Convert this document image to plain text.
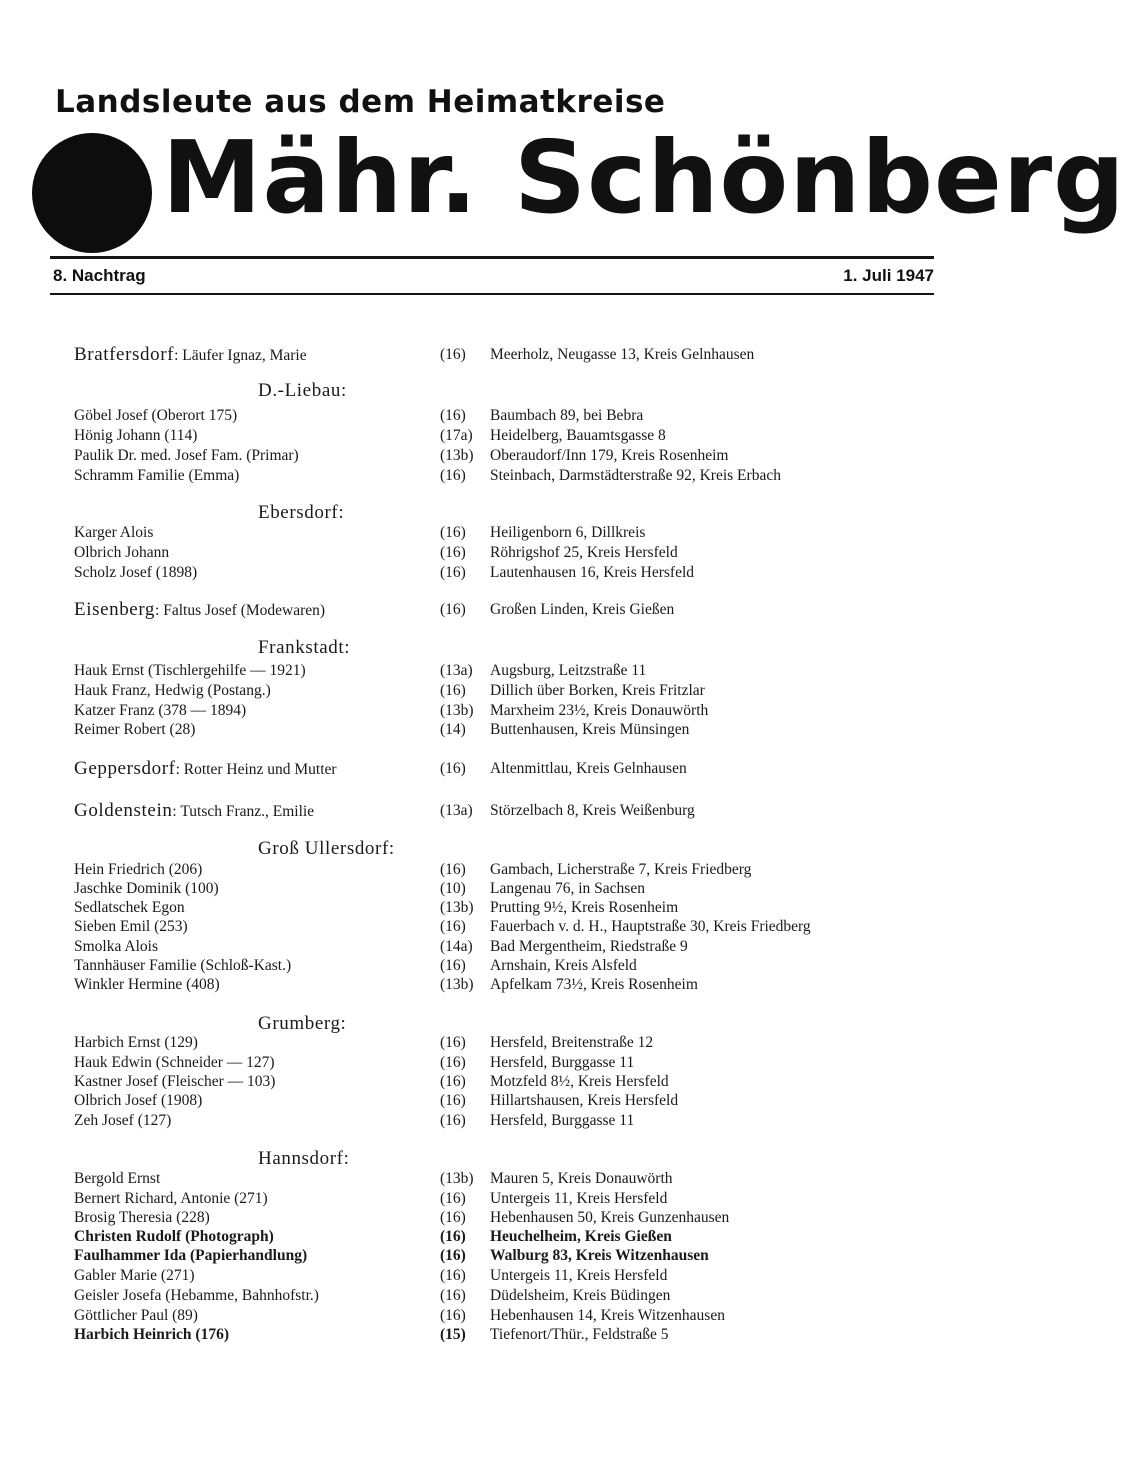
Landsleute aus dem Heimatkreise
Mähr. Schönberg
8. Nachtrag	1. Juli 1947
Bratfersdorf: Läufer Ignaz, Marie	(16) Meerholz, Neugasse 13, Kreis Gelnhausen
D.-Liebau:
Göbel Josef (Oberort 175)	(16) Baumbach 89, bei Bebra
Hönig Johann (114)	(17a) Heidelberg, Bauamtsgasse 8
Paulik Dr. med. Josef Fam. (Primar)	(13b) Oberaudorf/Inn 179, Kreis Rosenheim
Schramm Familie (Emma)	(16) Steinbach, Darmstädterstraße 92, Kreis Erbach
Ebersdorf:
Karger Alois	(16) Heiligenborn 6, Dillkreis
Olbrich Johann	(16) Röhrigshof 25, Kreis Hersfeld
Scholz Josef (1898)	(16) Lautenhausen 16, Kreis Hersfeld
Eisenberg: Faltus Josef (Modewaren)	(16) Großen Linden, Kreis Gießen
Frankstadt:
Hauk Ernst (Tischlergehilfe — 1921)	(13a) Augsburg, Leitzstraße 11
Hauk Franz, Hedwig (Postang.)	(16) Dillich über Borken, Kreis Fritzlar
Katzer Franz (378 — 1894)	(13b) Marxheim 23½, Kreis Donauwörth
Reimer Robert (28)	(14) Buttenhausen, Kreis Münsingen
Geppersdorf: Rotter Heinz und Mutter	(16) Altenmittlau, Kreis Gelnhausen
Goldenstein: Tutsch Franz., Emilie	(13a) Störzelbach 8, Kreis Weißenburg
Groß Ullersdorf:
Hein Friedrich (206)	(16) Gambach, Licherstraße 7, Kreis Friedberg
Jaschke Dominik (100)	(10) Langenau 76, in Sachsen
Sedlatschek Egon	(13b) Prutting 9½, Kreis Rosenheim
Sieben Emil (253)	(16) Fauerbach v. d. H., Hauptstraße 30, Kreis Friedberg
Smolka Alois	(14a) Bad Mergentheim, Riedstraße 9
Tannhäuser Familie (Schloß-Kast.)	(16) Arnshain, Kreis Alsfeld
Winkler Hermine (408)	(13b) Apfelkam 73½, Kreis Rosenheim
Grumberg:
Harbich Ernst (129)	(16) Hersfeld, Breitenstraße 12
Hauk Edwin (Schneider — 127)	(16) Hersfeld, Burggasse 11
Kastner Josef (Fleischer — 103)	(16) Motzfeld 8½, Kreis Hersfeld
Olbrich Josef (1908)	(16) Hillartshausen, Kreis Hersfeld
Zeh Josef (127)	(16) Hersfeld, Burggasse 11
Hannsdorf:
Bergold Ernst	(13b) Mauren 5, Kreis Donauwörth
Bernert Richard, Antonie (271)	(16) Untergeis 11, Kreis Hersfeld
Brosig Theresia (228)	(16) Hebenhausen 50, Kreis Gunzenhausen
Christen Rudolf (Photograph)	(16) Heuchelheim, Kreis Gießen
Faulhammer Ida (Papierhandlung)	(16) Walburg 83, Kreis Witzenhausen
Gabler Marie (271)	(16) Untergeis 11, Kreis Hersfeld
Geisler Josefa (Hebamme, Bahnhofstr.)	(16) Düdelsheim, Kreis Büdingen
Göttlicher Paul (89)	(16) Hebenhausen 14, Kreis Witzenhausen
Harbich Heinrich (176)	(15) Tiefenort/Thür., Feldstraße 5
